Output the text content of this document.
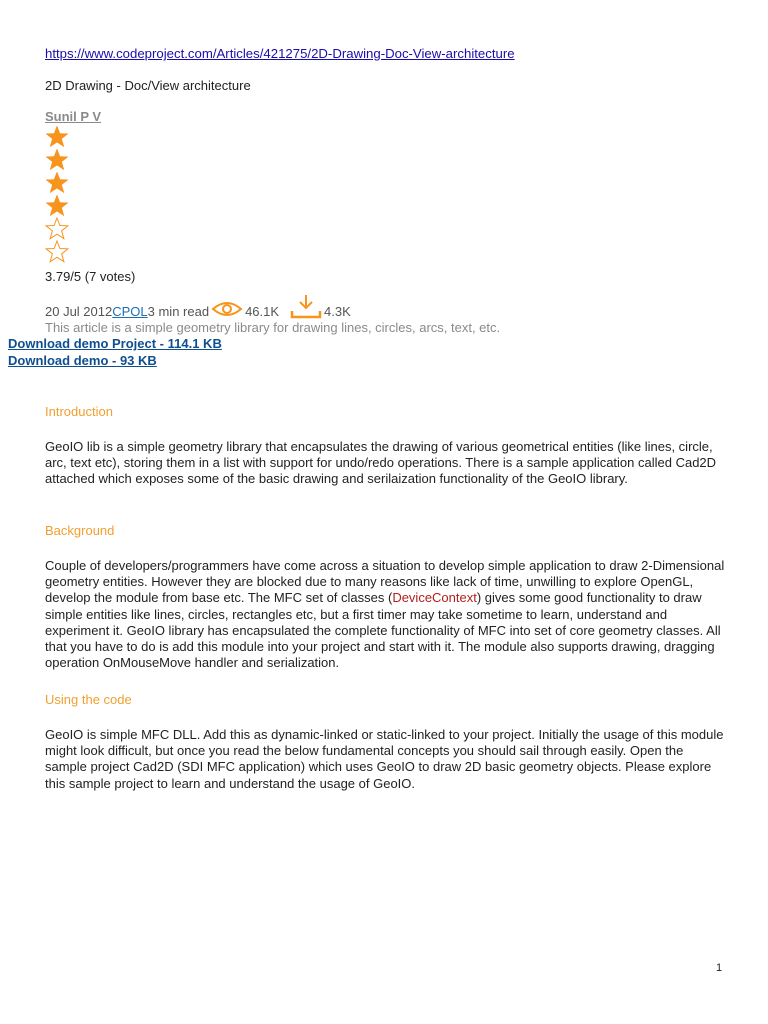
https://www.codeproject.com/Articles/421275/2D-Drawing-Doc-View-architecture
2D Drawing - Doc/View architecture
Sunil P V
3.79/5 (7 votes)
20 Jul 2012 CPOL 3 min read	46.1K	4.3K
This article is a simple geometry library for drawing lines, circles, arcs, text, etc.
Download demo Project - 114.1 KB
Download demo - 93 KB
Introduction

GeoIO lib is a simple geometry library that encapsulates the drawing of various geometrical entities (like lines, circle, arc, text etc), storing them in a list with support for undo/redo operations. There is a sample application called Cad2D attached which exposes some of the basic drawing and serilaization functionality of the GeoIO library.

Background

Couple of developers/programmers have come across a situation to develop simple application to draw 2-Dimensional geometry entities. However they are blocked due to many reasons like lack of time, unwilling to explore OpenGL, develop the module from base etc. The MFC set of classes (DeviceContext) gives some good functionality to draw simple entities like lines, circles, rectangles etc, but a first timer may take sometime to learn, understand and experiment it. GeoIO library has encapsulated the complete functionality of MFC into set of core geometry classes. All that you have to do is add this module into your project and start with it. The module also supports drawing, dragging operation OnMouseMove handler and serialization.

Using the code

GeoIO is simple MFC DLL. Add this as dynamic-linked or static-linked to your project. Initially the usage of this module might look difficult, but once you read the below fundamental concepts you should sail through easily. Open the sample project Cad2D (SDI MFC application) which uses GeoIO to draw 2D basic geometry objects. Please explore this sample project to learn and understand the usage of GeoIO.

1
